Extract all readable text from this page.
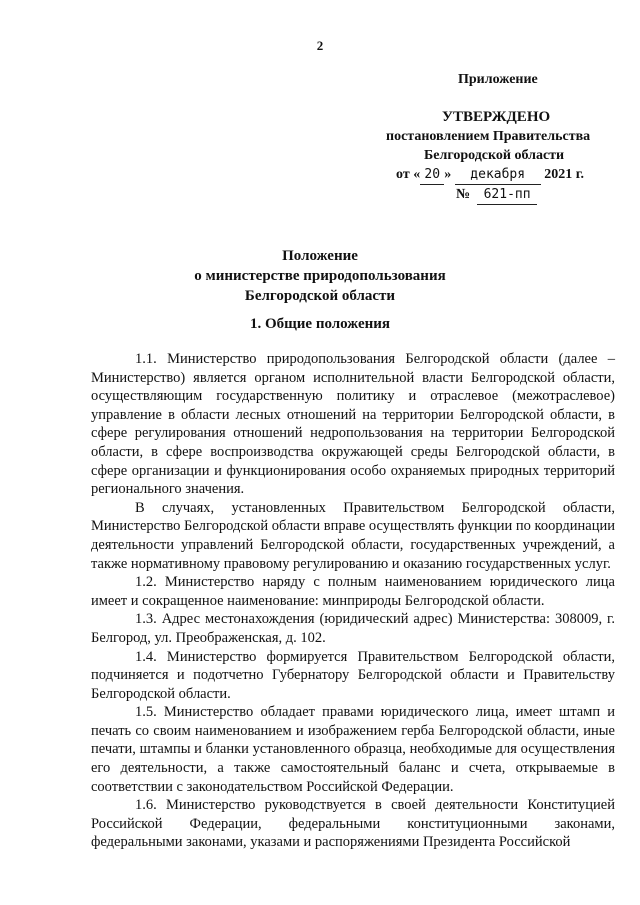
2
Приложение
УТВЕРЖДЕНО
постановлением Правительства
Белгородской области
от « 20 » декабря 2021 г.
№ 621-пп
Положение
о министерстве природопользования
Белгородской области
1. Общие положения

1.1. Министерство природопользования Белгородской области (далее – Министерство) является органом исполнительной власти Белгородской области, осуществляющим государственную политику и отраслевое (межотраслевое) управление в области лесных отношений на территории Белгородской области, в сфере регулирования отношений недропользования на территории Белгородской области, в сфере воспроизводства окружающей среды Белгородской области, в сфере организации и функционирования особо охраняемых природных территорий регионального значения.

В случаях, установленных Правительством Белгородской области, Министерство Белгородской области вправе осуществлять функции по координации деятельности управлений Белгородской области, государственных учреждений, а также нормативному правовому регулированию и оказанию государственных услуг.

1.2. Министерство наряду с полным наименованием юридического лица имеет и сокращенное наименование: минприроды Белгородской области.

1.3. Адрес местонахождения (юридический адрес) Министерства: 308009, г. Белгород, ул. Преображенская, д. 102.

1.4. Министерство формируется Правительством Белгородской области, подчиняется и подотчетно Губернатору Белгородской области и Правительству Белгородской области.

1.5. Министерство обладает правами юридического лица, имеет штамп и печать со своим наименованием и изображением герба Белгородской области, иные печати, штампы и бланки установленного образца, необходимые для осуществления его деятельности, а также самостоятельный баланс и счета, открываемые в соответствии с законодательством Российской Федерации.

1.6. Министерство руководствуется в своей деятельности Конституцией Российской Федерации, федеральными конституционными законами, федеральными законами, указами и распоряжениями Президента Российской
